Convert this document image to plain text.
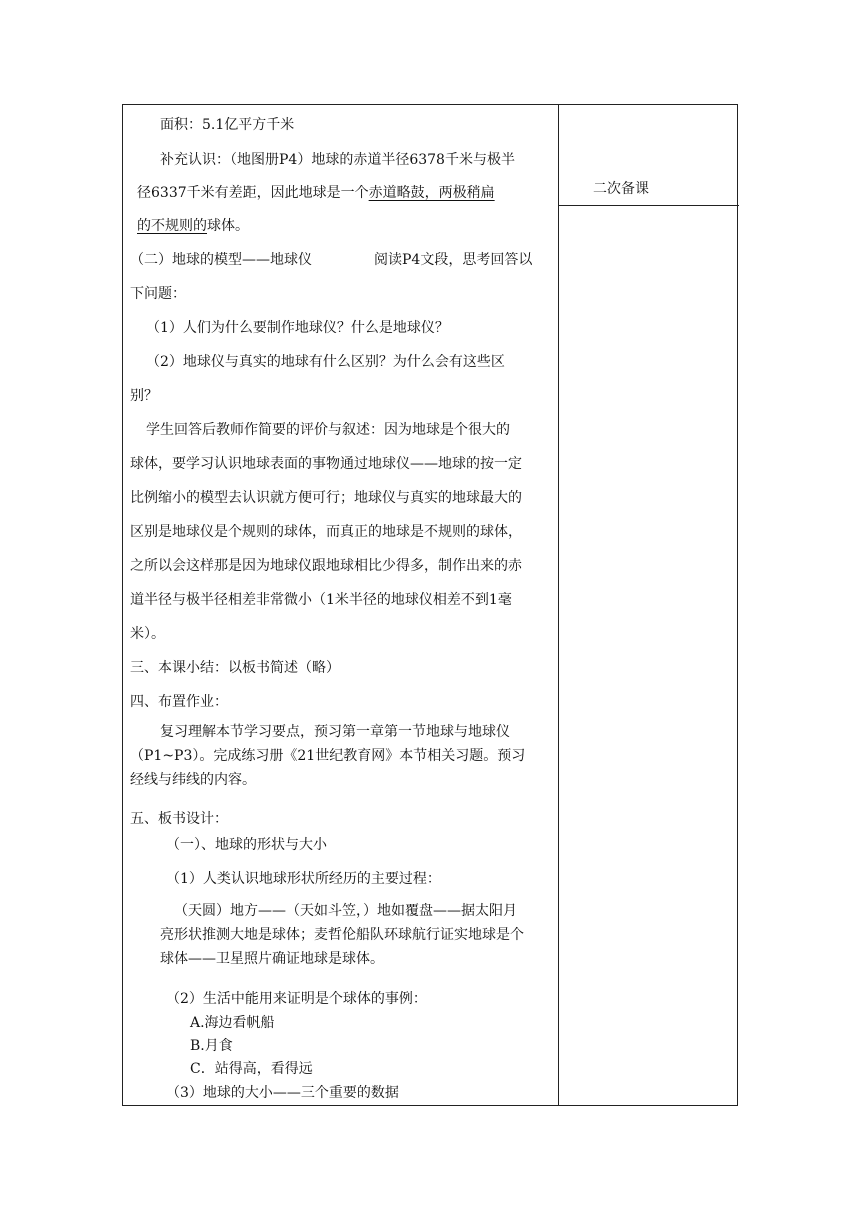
二次备课
面积：5.1亿平方千米
补充认识：（地图册P4）地球的赤道半径6378千米与极半
径6337千米有差距，因此地球是一个赤道略鼓，两极稍扁
的不规则的球体。
（二）地球的模型——地球仪	阅读P4文段，思考回答以
下问题：
（1）人们为什么要制作地球仪？什么是地球仪？
（2）地球仪与真实的地球有什么区别？为什么会有这些区
别？
学生回答后教师作简要的评价与叙述：因为地球是个很大的
球体，要学习认识地球表面的事物通过地球仪——地球的按一定
比例缩小的模型去认识就方便可行；地球仪与真实的地球最大的
区别是地球仪是个规则的球体，而真正的地球是不规则的球体，
之所以会这样那是因为地球仪跟地球相比少得多，制作出来的赤
道半径与极半径相差非常微小（1米半径的地球仪相差不到1毫
米）。
三、本课小结：以板书简述（略）
四、布置作业：
复习理解本节学习要点，预习第一章第一节地球与地球仪
（P1~P3）。完成练习册《21世纪教育网》本节相关习题。预习
经线与纬线的内容。
五、板书设计：
（一）、地球的形状与大小
（1）人类认识地球形状所经历的主要过程：
（天圆）地方——（天如斗笠，）地如覆盘——据太阳月
亮形状推测大地是球体；麦哲伦船队环球航行证实地球是个
球体——卫星照片确证地球是球体。
（2）生活中能用来证明是个球体的事例：
A.海边看帆船
B.月食
C．站得高，看得远
（3）地球的大小——三个重要的数据
